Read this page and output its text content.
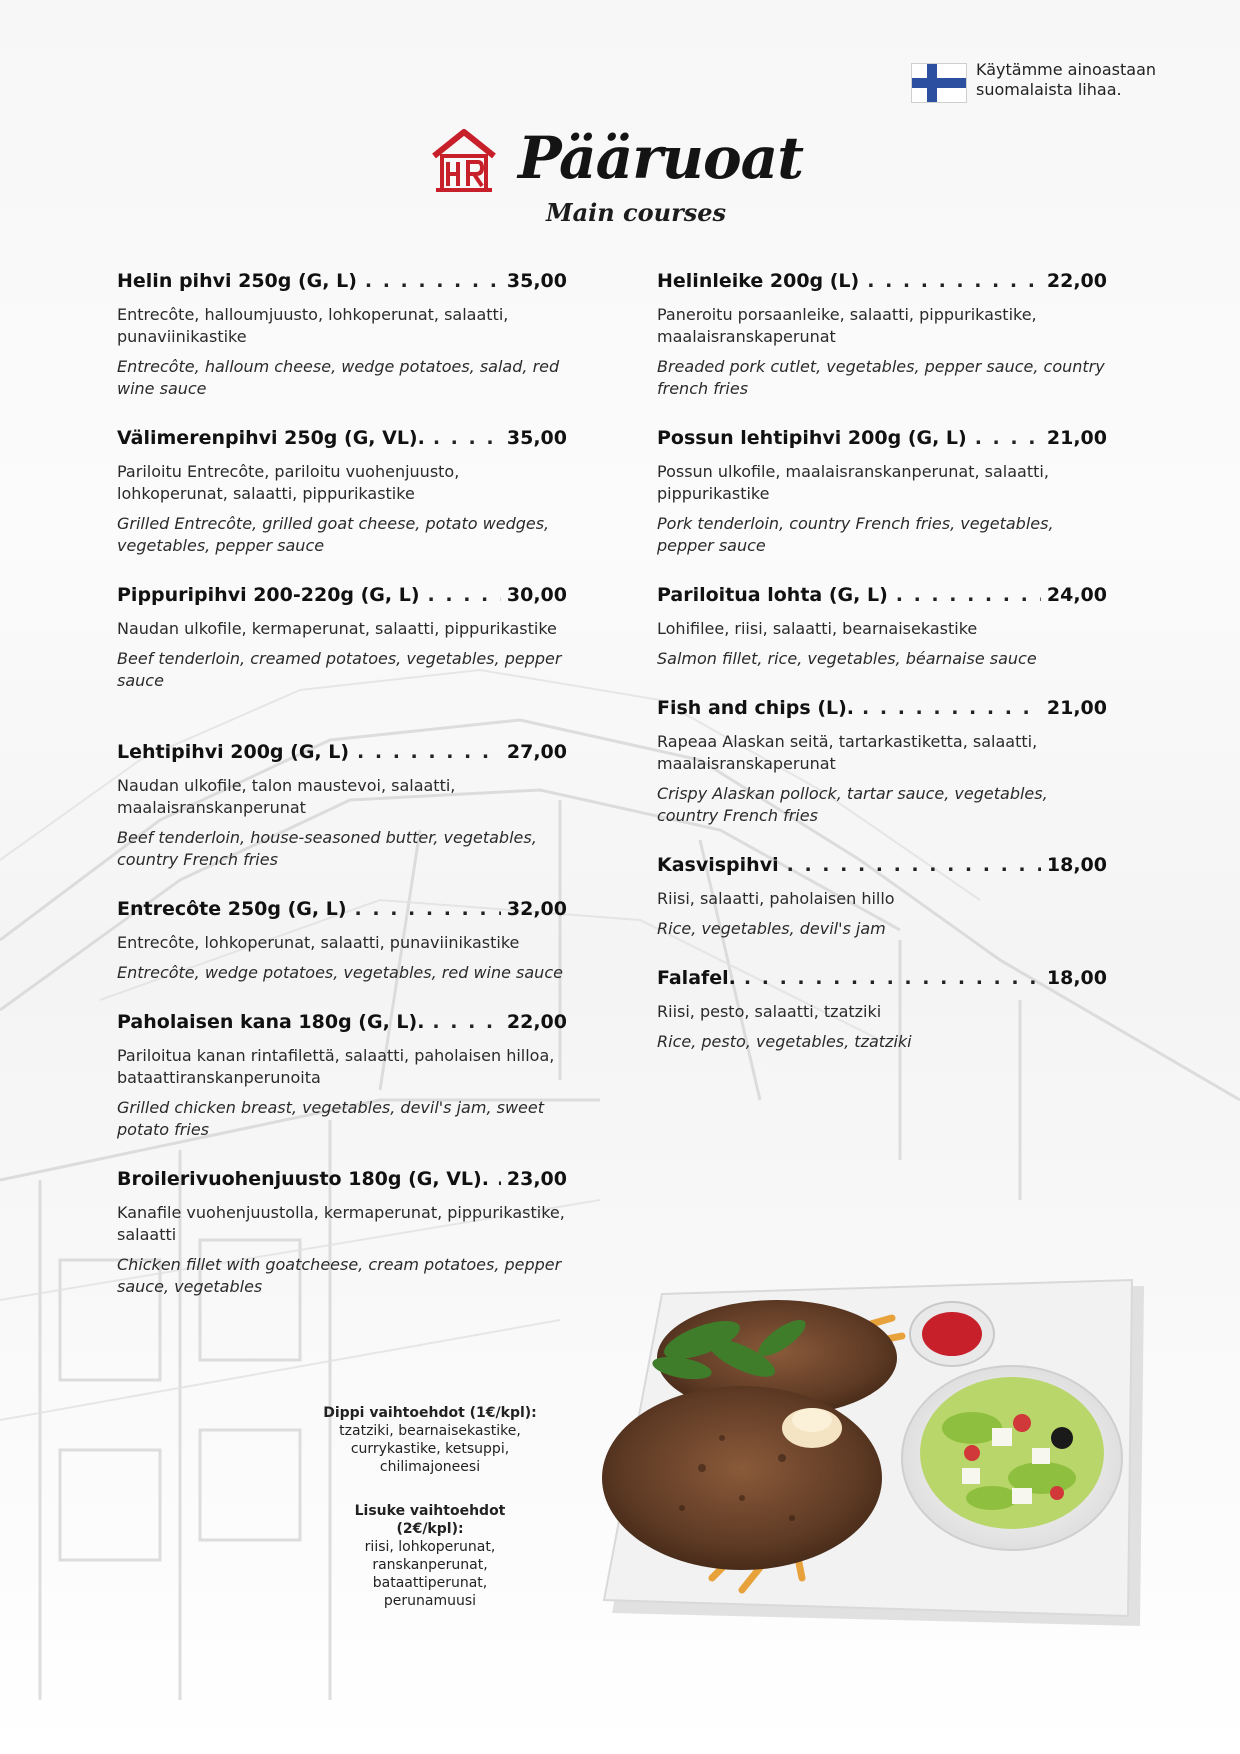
Käytämme ainoastaan suomalaista lihaa.
Pääruoat
Main courses
Helin pihvi 250g (G, L) . . .	35,00
Entrecôte, halloumjuusto, lohkoperunat, salaatti, punaviinikastike
Entrecôte, halloum cheese, wedge potatoes, salad, red wine sauce
Välimerenpihvi 250g (G, VL). . . .	35,00
Pariloitu Entrecôte, pariloitu vuohenjuusto, lohkoperunat, salaatti, pippurikastike
Grilled Entrecôte, grilled goat cheese, potato wedges, vegetables, pepper sauce
Pippuripihvi 200-220g (G, L) . . .	30,00
Naudan ulkofile, kermaperunat, salaatti, pippurikastike
Beef tenderloin, creamed potatoes, vegetables, pepper sauce
Lehtipihvi 200g (G, L) . . .	27,00
Naudan ulkofile, talon maustevoi, salaatti, maalaisranskanperunat
Beef tenderloin, house-seasoned butter, vegetables, country French fries
Entrecôte 250g (G, L) . . .	32,00
Entrecôte, lohkoperunat, salaatti, punaviinikastike
Entrecôte, wedge potatoes, vegetables, red wine sauce
Paholaisen kana 180g (G, L). . . .	22,00
Pariloitua kanan rintafilettä, salaatti, paholaisen hilloa, bataattiranskanperunoita
Grilled chicken breast, vegetables, devil's jam, sweet potato fries
Broilerivuohenjuusto 180g (G, VL). . . . 23,00
Kanafile vuohenjuustolla, kermaperunat, pippurikastike, salaatti
Chicken fillet with goatcheese, cream potatoes, pepper sauce, vegetables
Helinleike 200g (L) . . .	22,00
Paneroitu porsaanleike, salaatti, pippurikastike, maalaisranskaperunat
Breaded pork cutlet, vegetables, pepper sauce, country french fries
Possun lehtipihvi 200g (G, L) . . .	21,00
Possun ulkofile, maalaisranskanperunat, salaatti, pippurikastike
Pork tenderloin, country French fries, vegetables, pepper sauce
Pariloitua lohta (G, L) . . .	24,00
Lohifilee, riisi, salaatti, bearnaisekastike
Salmon fillet, rice, vegetables, béarnaise sauce
Fish and chips (L). . . .	21,00
Rapeaa Alaskan seitä, tartarkastiketta, salaatti, maalaisranskaperunat
Crispy Alaskan pollock, tartar sauce, vegetables, country French fries
Kasvispihvi . . .	18,00
Riisi, salaatti, paholaisen hillo
Rice, vegetables, devil's jam
Falafel. . . .	18,00
Riisi, pesto, salaatti, tzatziki
Rice, pesto, vegetables, tzatziki
Dippi vaihtoehdot (1€/kpl):
tzatziki, bearnaisekastike,
currykastike, ketsuppi,
chilimajoneesi
Lisuke vaihtoehdot (2€/kpl):
riisi, lohkoperunat,
ranskanperunat,
bataattiperunat,
perunamuusi
